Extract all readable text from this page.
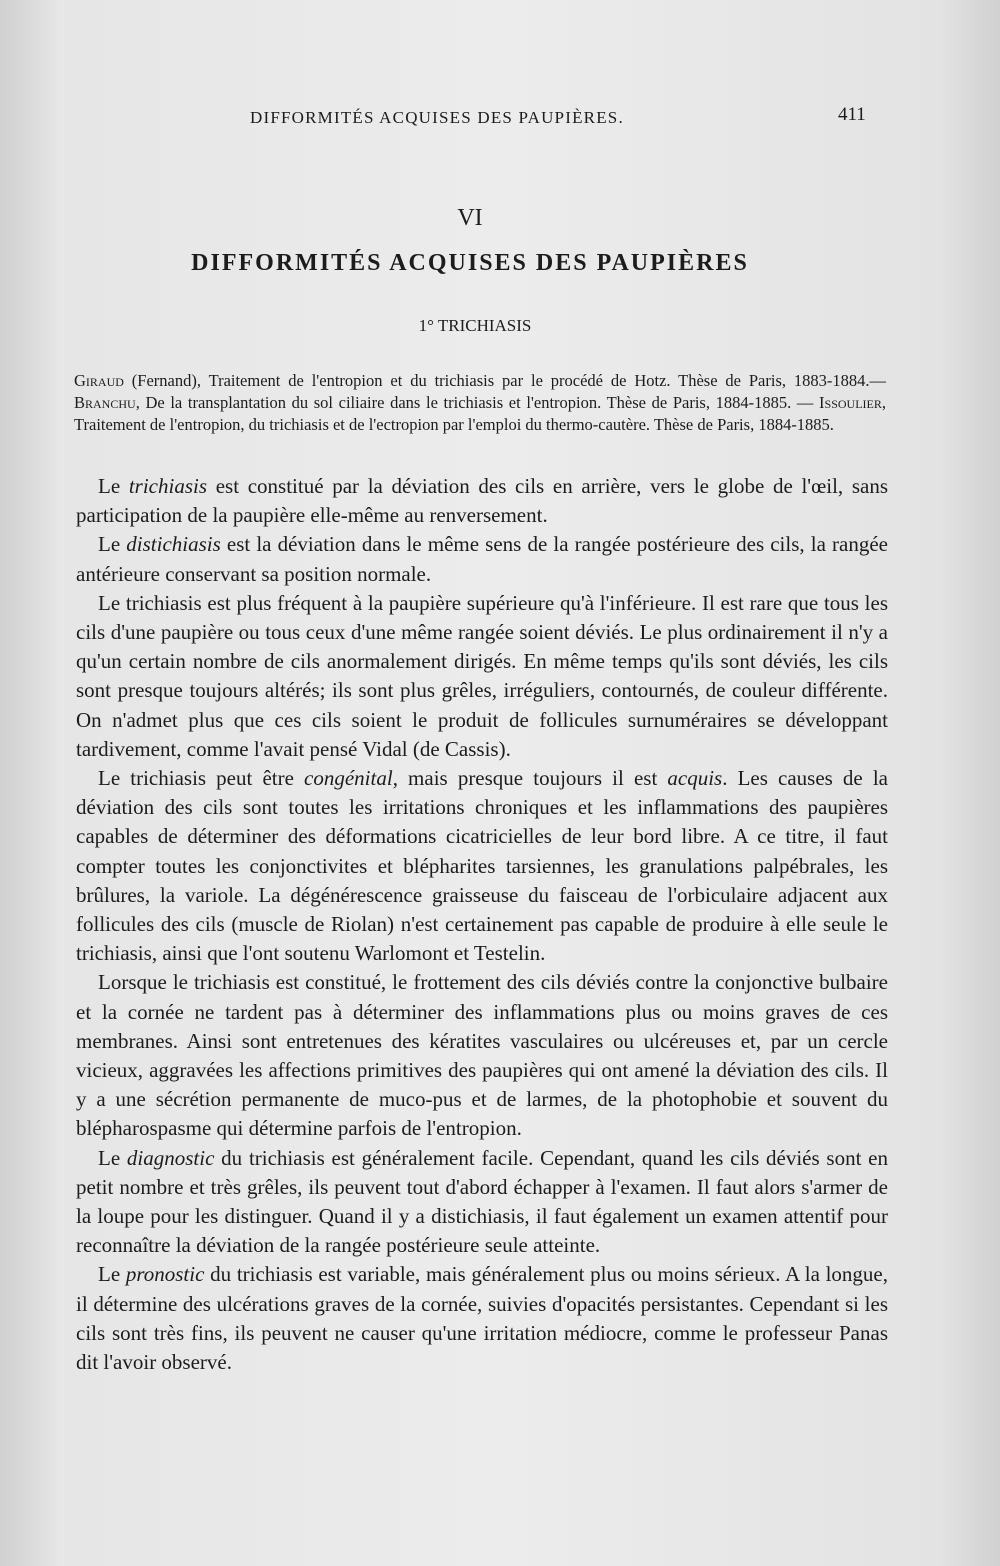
DIFFORMITÉS ACQUISES DES PAUPIÈRES.	411
VI
DIFFORMITÉS ACQUISES DES PAUPIÈRES
1° TRICHIASIS
Giraud (Fernand), Traitement de l'entropion et du trichiasis par le procédé de Hotz. Thèse de Paris, 1883-1884.—Branchu, De la transplantation du sol ciliaire dans le trichiasis et l'entropion. Thèse de Paris, 1884-1885. — Issoulier, Traitement de l'entropion, du trichiasis et de l'ectropion par l'emploi du thermo-cautère. Thèse de Paris, 1884-1885.

Le trichiasis est constitué par la déviation des cils en arrière, vers le globe de l'œil, sans participation de la paupière elle-même au renversement.

Le distichiasis est la déviation dans le même sens de la rangée postérieure des cils, la rangée antérieure conservant sa position normale.

Le trichiasis est plus fréquent à la paupière supérieure qu'à l'inférieure. Il est rare que tous les cils d'une paupière ou tous ceux d'une même rangée soient déviés. Le plus ordinairement il n'y a qu'un certain nombre de cils anormalement dirigés. En même temps qu'ils sont déviés, les cils sont presque toujours altérés; ils sont plus grêles, irréguliers, contournés, de couleur différente. On n'admet plus que ces cils soient le produit de follicules surnuméraires se développant tardivement, comme l'avait pensé Vidal (de Cassis).

Le trichiasis peut être congénital, mais presque toujours il est acquis. Les causes de la déviation des cils sont toutes les irritations chroniques et les inflammations des paupières capables de déterminer des déformations cicatricielles de leur bord libre. A ce titre, il faut compter toutes les conjonctivites et blépharites tarsiennes, les granulations palpébrales, les brûlures, la variole. La dégénérescence graisseuse du faisceau de l'orbiculaire adjacent aux follicules des cils (muscle de Riolan) n'est certainement pas capable de produire à elle seule le trichiasis, ainsi que l'ont soutenu Warlomont et Testelin.

Lorsque le trichiasis est constitué, le frottement des cils déviés contre la conjonctive bulbaire et la cornée ne tardent pas à déterminer des inflammations plus ou moins graves de ces membranes. Ainsi sont entretenues des kératites vasculaires ou ulcéreuses et, par un cercle vicieux, aggravées les affections primitives des paupières qui ont amené la déviation des cils. Il y a une sécrétion permanente de muco-pus et de larmes, de la photophobie et souvent du blépharospasme qui détermine parfois de l'entropion.

Le diagnostic du trichiasis est généralement facile. Cependant, quand les cils déviés sont en petit nombre et très grêles, ils peuvent tout d'abord échapper à l'examen. Il faut alors s'armer de la loupe pour les distinguer. Quand il y a distichiasis, il faut également un examen attentif pour reconnaître la déviation de la rangée postérieure seule atteinte.

Le pronostic du trichiasis est variable, mais généralement plus ou moins sérieux. A la longue, il détermine des ulcérations graves de la cornée, suivies d'opacités persistantes. Cependant si les cils sont très fins, ils peuvent ne causer qu'une irritation médiocre, comme le professeur Panas dit l'avoir observé.
